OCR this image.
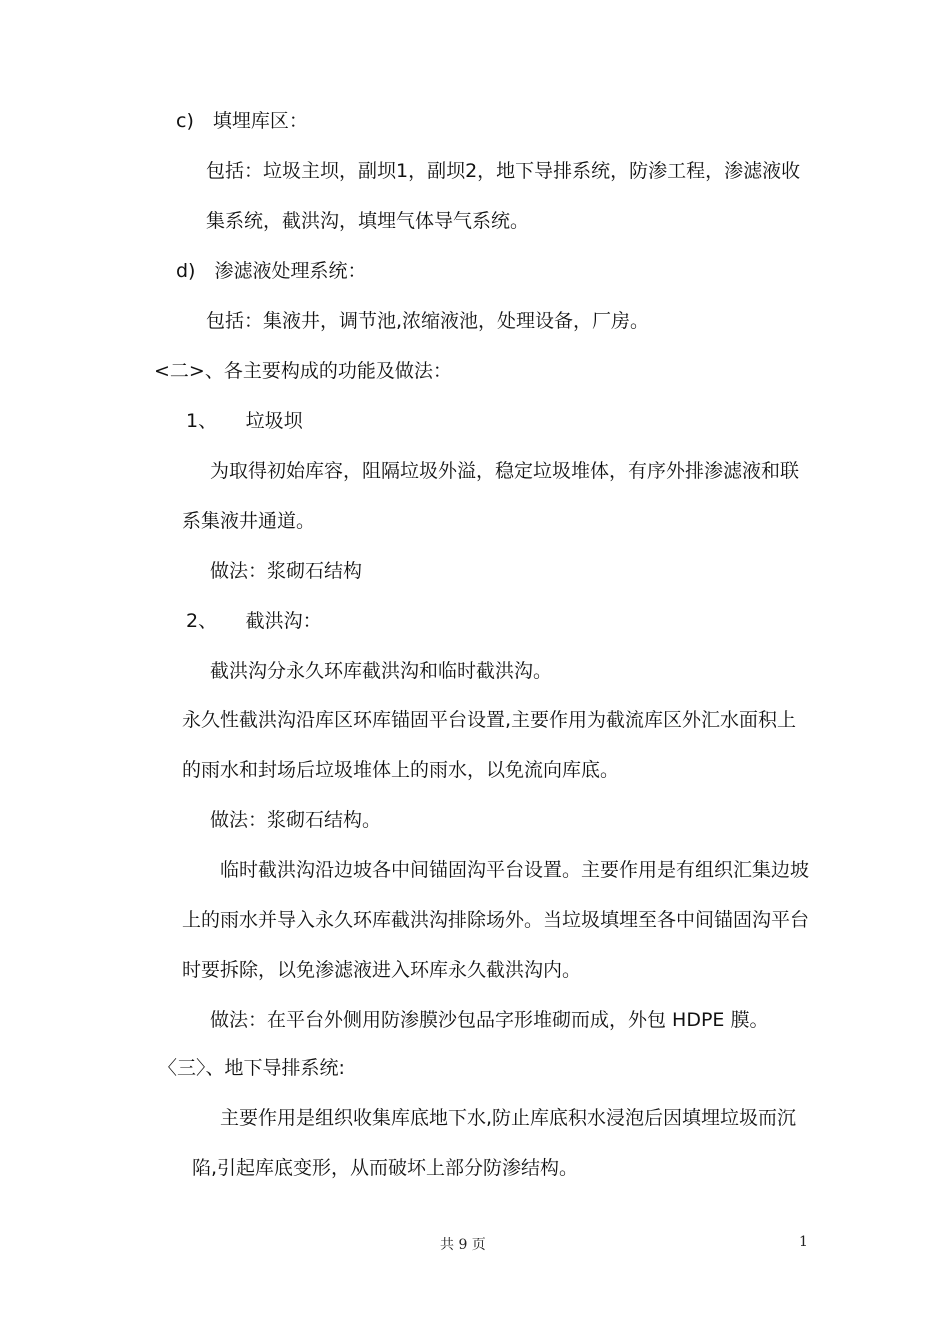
c)　填埋库区：
包括：垃圾主坝，副坝1，副坝2，地下导排系统，防渗工程，渗滤液收
集系统，截洪沟，填埋气体导气系统。
d)　渗滤液处理系统：
包括：集液井，调节池,浓缩液池，处理设备，厂房。
<二>、各主要构成的功能及做法：
1、　　垃圾坝
为取得初始库容，阻隔垃圾外溢，稳定垃圾堆体，有序外排渗滤液和联
系集液井通道。
做法：浆砌石结构
2、　　截洪沟：
截洪沟分永久环库截洪沟和临时截洪沟。
永久性截洪沟沿库区环库锚固平台设置,主要作用为截流库区外汇水面积上
的雨水和封场后垃圾堆体上的雨水，以免流向库底。
做法：浆砌石结构。
临时截洪沟沿边坡各中间锚固沟平台设置。主要作用是有组织汇集边坡
上的雨水并导入永久环库截洪沟排除场外。当垃圾填埋至各中间锚固沟平台
时要拆除，以免渗滤液进入环库永久截洪沟内。
做法：在平台外侧用防渗膜沙包品字形堆砌而成，外包 HDPE 膜。
〈三〉、地下导排系统:
主要作用是组织收集库底地下水,防止库底积水浸泡后因填埋垃圾而沉
陷,引起库底变形，从而破坏上部分防渗结构。
共 9 页	1
